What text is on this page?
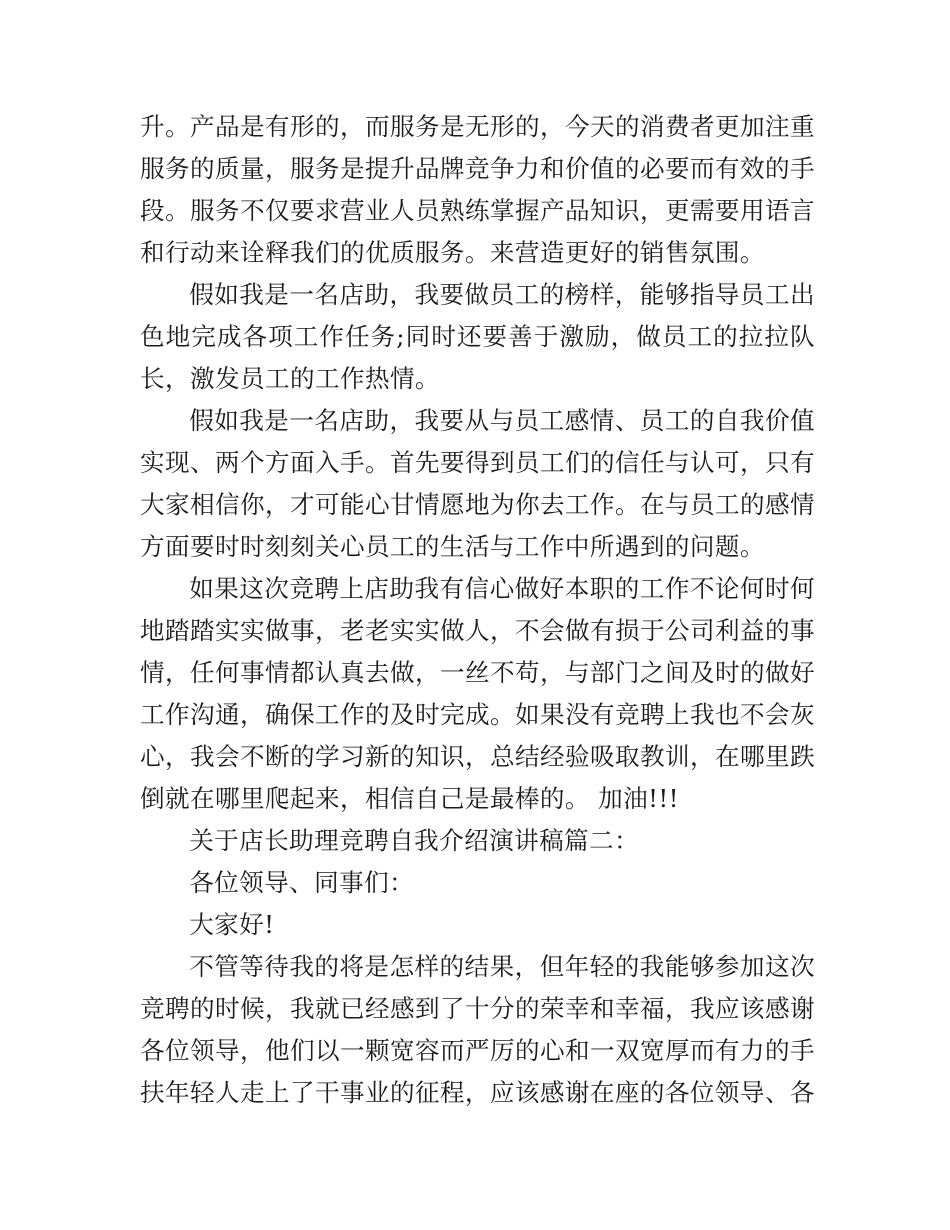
升。产品是有形的，而服务是无形的，今天的消费者更加注重服务的质量，服务是提升品牌竞争力和价值的必要而有效的手段。服务不仅要求营业人员熟练掌握产品知识，更需要用语言和行动来诠释我们的优质服务。来营造更好的销售氛围。

假如我是一名店助，我要做员工的榜样，能够指导员工出色地完成各项工作任务;同时还要善于激励，做员工的拉拉队长，激发员工的工作热情。

假如我是一名店助，我要从与员工感情、员工的自我价值实现、两个方面入手。首先要得到员工们的信任与认可，只有大家相信你，才可能心甘情愿地为你去工作。在与员工的感情方面要时时刻刻关心员工的生活与工作中所遇到的问题。

如果这次竞聘上店助我有信心做好本职的工作不论何时何地踏踏实实做事，老老实实做人，不会做有损于公司利益的事情，任何事情都认真去做，一丝不苟，与部门之间及时的做好工作沟通，确保工作的及时完成。如果没有竞聘上我也不会灰心，我会不断的学习新的知识，总结经验吸取教训，在哪里跌倒就在哪里爬起来，相信自己是最棒的。 加油!!!

关于店长助理竞聘自我介绍演讲稿篇二：

各位领导、同事们：

大家好!

不管等待我的将是怎样的结果，但年轻的我能够参加这次竞聘的时候，我就已经感到了十分的荣幸和幸福，我应该感谢各位领导，他们以一颗宽容而严厉的心和一双宽厚而有力的手扶年轻人走上了干事业的征程，应该感谢在座的各位领导、各
